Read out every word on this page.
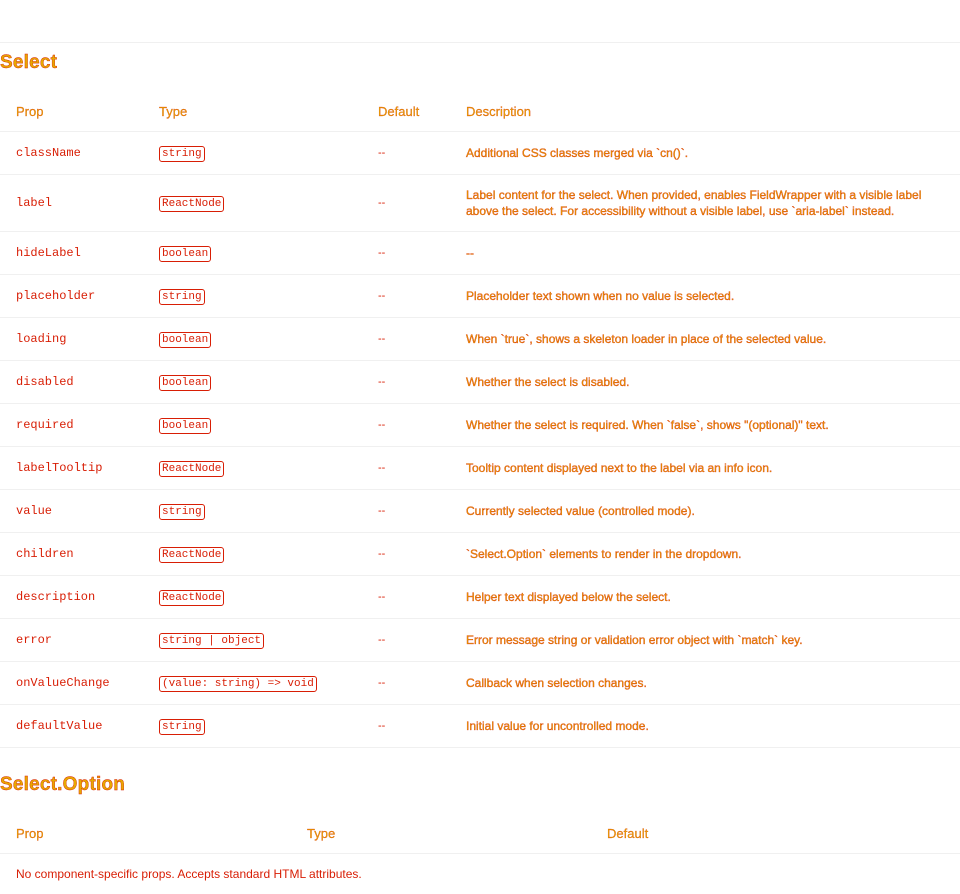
Select
Prop	Type	Default	Description
className	string	--	Additional CSS classes merged via `cn()`.
label	ReactNode	--	Label content for the select. When provided, enables FieldWrapper with a visible label above the select. For accessibility without a visible label, use `aria-label` instead.
hideLabel	boolean	--	--
placeholder	string	--	Placeholder text shown when no value is selected.
loading	boolean	--	When `true`, shows a skeleton loader in place of the selected value.
disabled	boolean	--	Whether the select is disabled.
required	boolean	--	Whether the select is required. When `false`, shows "(optional)" text.
labelTooltip	ReactNode	--	Tooltip content displayed next to the label via an info icon.
value	string	--	Currently selected value (controlled mode).
children	ReactNode	--	`Select.Option` elements to render in the dropdown.
description	ReactNode	--	Helper text displayed below the select.
error	string | object	--	Error message string or validation error object with `match` key.
onValueChange	(value: string) => void	--	Callback when selection changes.
defaultValue	string	--	Initial value for uncontrolled mode.
Select.Option
Prop	Type	Default
No component-specific props. Accepts standard HTML attributes.
